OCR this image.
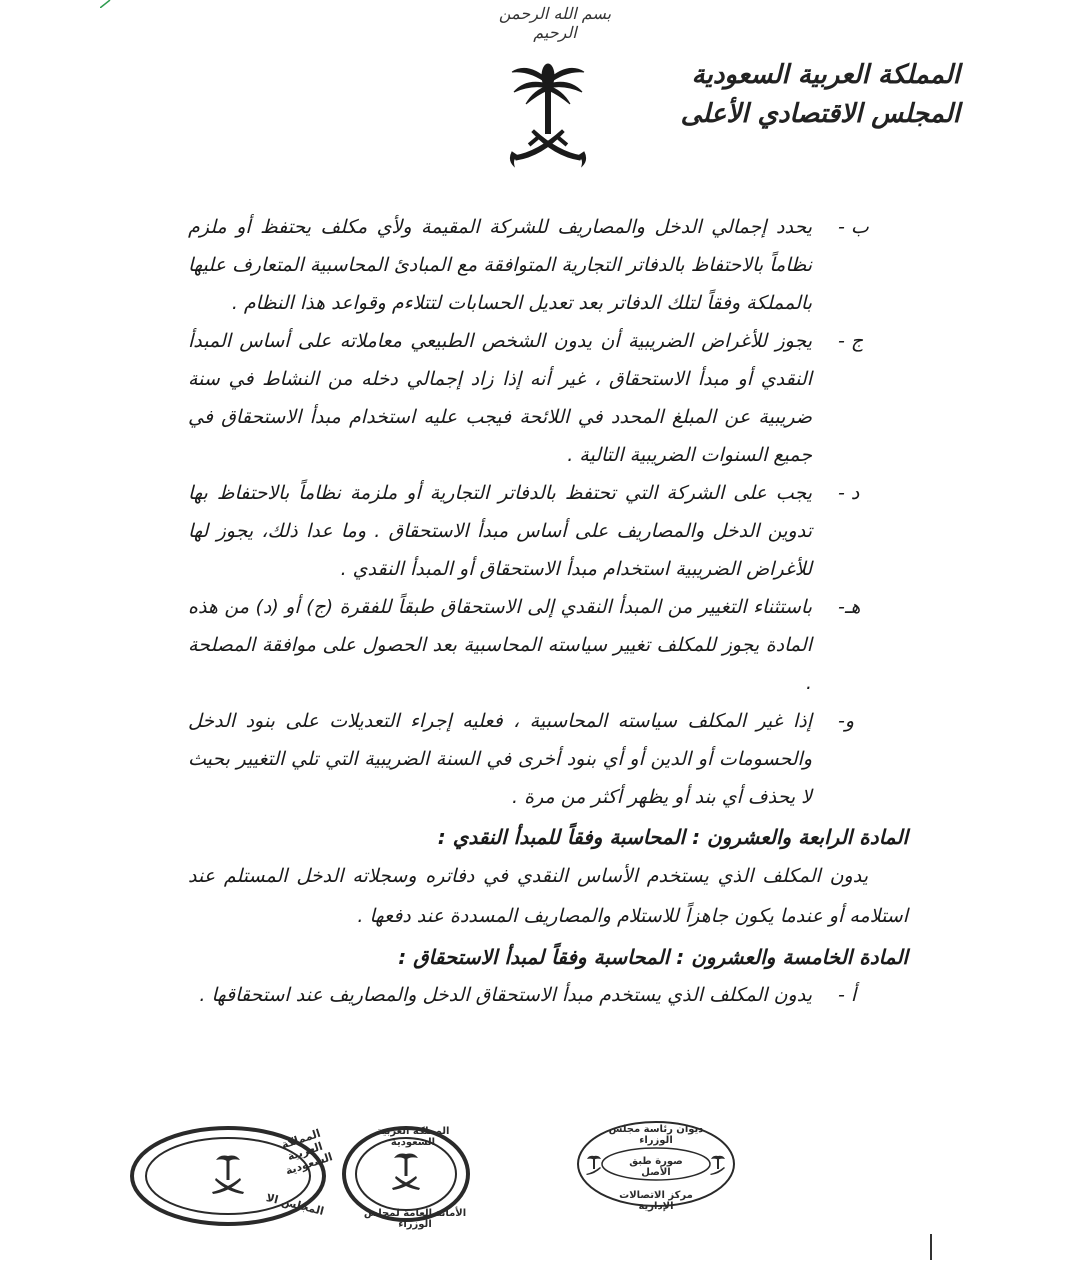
بسم الله الرحمن الرحيم
المملكة العربية السعودية
المجلس الاقتصادي الأعلى
ب -
يحدد إجمالي الدخل والمصاريف للشركة المقيمة ولأي مكلف يحتفظ أو ملزم نظاماً بالاحتفاظ بالدفاتر التجارية المتوافقة مع المبادئ المحاسبية المتعارف عليها بالمملكة وفقاً لتلك الدفاتر بعد تعديل الحسابات لتتلاءم وقواعد هذا النظام .
ج -
يجوز للأغراض الضريبية أن يدون الشخص الطبيعي معاملاته على أساس المبدأ النقدي أو مبدأ الاستحقاق ، غير أنه إذا زاد إجمالي دخله من النشاط في سنة ضريبية عن المبلغ المحدد في اللائحة فيجب عليه استخدام مبدأ الاستحقاق في جميع السنوات الضريبية التالية .
د -
يجب على الشركة التي تحتفظ بالدفاتر التجارية أو ملزمة نظاماً بالاحتفاظ بها تدوين الدخل والمصاريف على أساس مبدأ الاستحقاق . وما عدا ذلك، يجوز لها للأغراض الضريبية استخدام مبدأ الاستحقاق أو المبدأ النقدي .
هـ-
باستثناء التغيير من المبدأ النقدي إلى الاستحقاق طبقاً للفقرة (ج) أو (د) من هذه المادة يجوز للمكلف تغيير سياسته المحاسبية بعد الحصول على موافقة المصلحة .
و-
إذا غير المكلف سياسته المحاسبية ، فعليه إجراء التعديلات على بنود الدخل والحسومات أو الدين أو أي بنود أخرى في السنة الضريبية التي تلي التغيير بحيث لا يحذف أي بند أو يظهر أكثر من مرة .
المادة الرابعة والعشرون : المحاسبة وفقاً للمبدأ النقدي :
يدون المكلف الذي يستخدم الأساس النقدي في دفاتره وسجلاته الدخل المستلم عند استلامه أو عندما يكون جاهزاً للاستلام والمصاريف المسددة عند دفعها .
المادة الخامسة والعشرون : المحاسبة وفقاً لمبدأ الاستحقاق :
أ -
يدون المكلف الذي يستخدم مبدأ الاستحقاق الدخل والمصاريف عند استحقاقها .
المملكة العربية السعودية
المجلس الا
المملكة العربية السعودية
الأمانة العامة لمجلس الوزراء
ديوان رئاسة مجلس الوزراء
صورة طبق الأصل
مركز الاتصالات الإدارية
